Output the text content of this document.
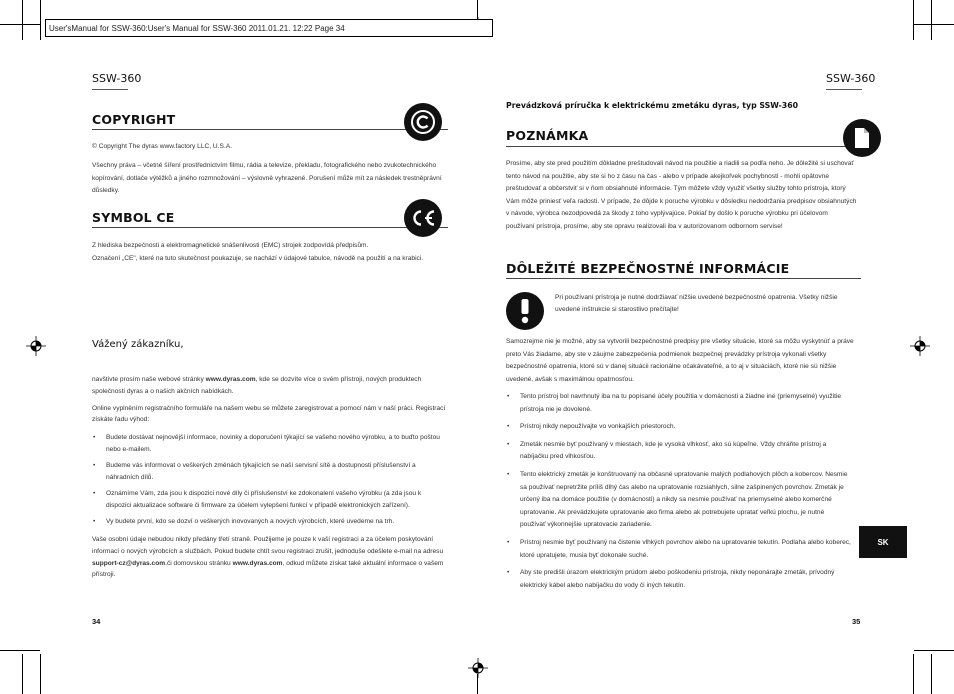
User'sManual for SSW-360:User's Manual for SSW-360 2011.01.21. 12:22 Page 34
SSW-360
COPYRIGHT

© Copyright The dyras www.factory LLC, U.S.A.

Všechny práva – včetně šíření prostřednictvím filmu, rádia a televize, překladu, fotografického nebo zvukotechnického kopírování, dotlače výtěžků a jiného rozmnožování – výslovně vyhrazené. Porušení může mít za následek trestněprávní důsledky.

SYMBOL CE

Z hlediska bezpečnosti a elektromagnetické snášenlivosti (EMC) strojek zodpovídá předpisům.

Označení „CE", které na tuto skutečnost poukazuje, se nachází v údajové tabulce, návodě na použití a na krabici.

Vážený zákazníku,

navštivte prosím naše webové stránky www.dyras.com, kde se dozvíte více o svém přístroji, nových produktech společnosti dyras a o našich akčních nabídkách.

Online vyplněním registračního formuláře na našem webu se můžete zaregistrovat a pomocí nám v naší práci. Registrací získáte řadu výhod:

• Budete dostávat nejnovější informace, novinky a doporučení týkající se vašeho nového výrobku, a to buďto poštou nebo e-mailem.
• Budeme vás informovat o veškerých změnách týkajících se naší servisní sítě a dostupnosti příslušenství a náhradních dílů.
• Oznámíme Vám, zda jsou k dispozici nové díly či příslušenství ke zdokonalení vašeho výrobku (a zda jsou k dispozici aktualizace software či firmware za účelem vylepšení funkcí v případě elektronických zařízení).
• Vy budete první, kdo se dozví o veškerých inovovaných a nových výrobcích, které uvedeme na trh.
Vaše osobní údaje nebudou nikdy předány třetí straně. Použijeme je pouze k vaší registraci a za účelem poskytování informací o nových výrobcích a službách. Pokud budete chtít svou registraci zrušit, jednoduše odešlete e-mail na adresu support-cz@dyras.com.či domovskou stránku www.dyras.com, odkud můžete získat také aktuální informace o vašem přístroji.
34
SSW-360
Prevádzková príručka k elektrickému zmetáku dyras, typ SSW-360
POZNÁMKA
Prosíme, aby ste pred použitím dôkladne preštudovali návod na použitie a riadili sa podľa neho. Je dôležité si uschovať tento návod na použitie, aby ste si ho z času na čas - alebo v prípade akejkoľvek pochybnosti - mohli opätovne preštudovať a občerstviť si v ňom obsiahnuté informácie. Tým môžete vždy využiť všetky služby tohto prístroja, ktorý Vám môže priniesť veľa radosti. V prípade, že dôjde k poruche výrobku v dôsledku nedodržania predpisov obsiahnutých v návode, výrobca nezodpovedá za škody z toho vyplývajúce. Pokiaľ by došlo k poruche výrobku pri účelovom používaní prístroja, prosíme, aby ste opravu realizovali iba v autorizovanom odbornom servise!
DÔLEŽITÉ BEZPEČNOSTNÉ INFORMÁCIE
Pri používaní prístroja je nutné dodržiavať nižšie uvedené bezpečnostné opatrenia. Všetky nižšie uvedené inštrukcie si starostlivo prečítajte!
Samozrejme nie je možné, aby sa vytvorili bezpečnostné predpisy pre všetky situácie, ktoré sa môžu vyskytnúť a práve preto Vás žiadame, aby ste v záujme zabezpečenia podmienok bezpečnej prevádzky prístroja vykonali všetky bezpečnostné opatrenia, ktoré sú v danej situácii racionálne očakávateľné, a to aj v situáciách, ktoré nie sú nižšie uvedené, avšak s maximálnou opatrnosťou.
• Tento prístroj bol navrhnutý iba na tu popísané účely použitia v domácnosti a žiadne iné (priemyselné) využitie prístroja nie je dovolené.
• Prístroj nikdy nepoužívajte vo vonkajších priestoroch.
• Zmeták nesmie byť používaný v miestach, kde je vysoká vlhkosť, ako sú kúpeľne. Vždy chráňte prístroj a nabíjačku pred vlhkosťou.
• Tento elektrický zmeták je konštruovaný na občasné upratovanie malých podlahových plôch a kobercov. Nesmie sa používať nepretržite príliš dlhý čas alebo na upratovanie rozsiahlych, silne zašpinených povrchov. Zmeták je určený iba na domáce použitie (v domácnosti) a nikdy sa nesmie používať na priemyselné alebo komerčné upratovanie. Ak prevádzkujete upratovanie ako firma alebo ak potrebujete upratať veľkú plochu, je nutné používať výkonnejšie upratovacie zariadenie.
• Prístroj nesmie byť používaný na čistenie vlhkých povrchov alebo na upratovanie tekutín. Podlaha alebo koberec, ktoré upratujete, musia byť dokonale suché.
• Aby ste predišli úrazom elektrickým prúdom alebo poškodeniu prístroja, nikdy neponárajte zmeták, prívodný elektrický kábel alebo nabíjačku do vody či iných tekutín.
SK
35
